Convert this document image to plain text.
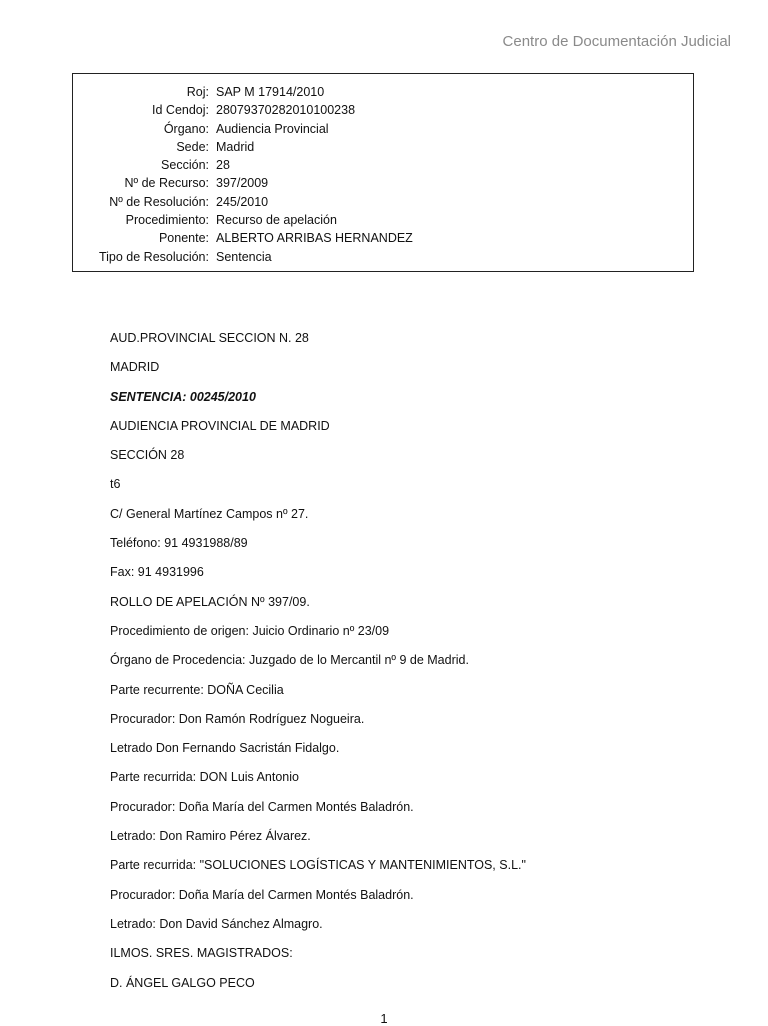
Centro de Documentación Judicial
Roj: SAP M 17914/2010
Id Cendoj: 28079370282010100238
Órgano: Audiencia Provincial
Sede: Madrid
Sección: 28
Nº de Recurso: 397/2009
Nº de Resolución: 245/2010
Procedimiento: Recurso de apelación
Ponente: ALBERTO ARRIBAS HERNANDEZ
Tipo de Resolución: Sentencia
AUD.PROVINCIAL SECCION N. 28
MADRID
SENTENCIA: 00245/2010
AUDIENCIA PROVINCIAL DE MADRID
SECCIÓN 28
t6
C/ General Martínez Campos nº 27.
Teléfono: 91 4931988/89
Fax: 91 4931996
ROLLO DE APELACIÓN Nº 397/09.
Procedimiento de origen: Juicio Ordinario nº 23/09
Órgano de Procedencia: Juzgado de lo Mercantil nº 9 de Madrid.
Parte recurrente: DOÑA Cecilia
Procurador: Don Ramón Rodríguez Nogueira.
Letrado Don Fernando Sacristán Fidalgo.
Parte recurrida: DON Luis Antonio
Procurador: Doña María del Carmen Montés Baladrón.
Letrado: Don Ramiro Pérez Álvarez.
Parte recurrida: "SOLUCIONES LOGÍSTICAS Y MANTENIMIENTOS, S.L."
Procurador: Doña María del Carmen Montés Baladrón.
Letrado: Don David Sánchez Almagro.
ILMOS. SRES. MAGISTRADOS:
D. ÁNGEL GALGO PECO
1
